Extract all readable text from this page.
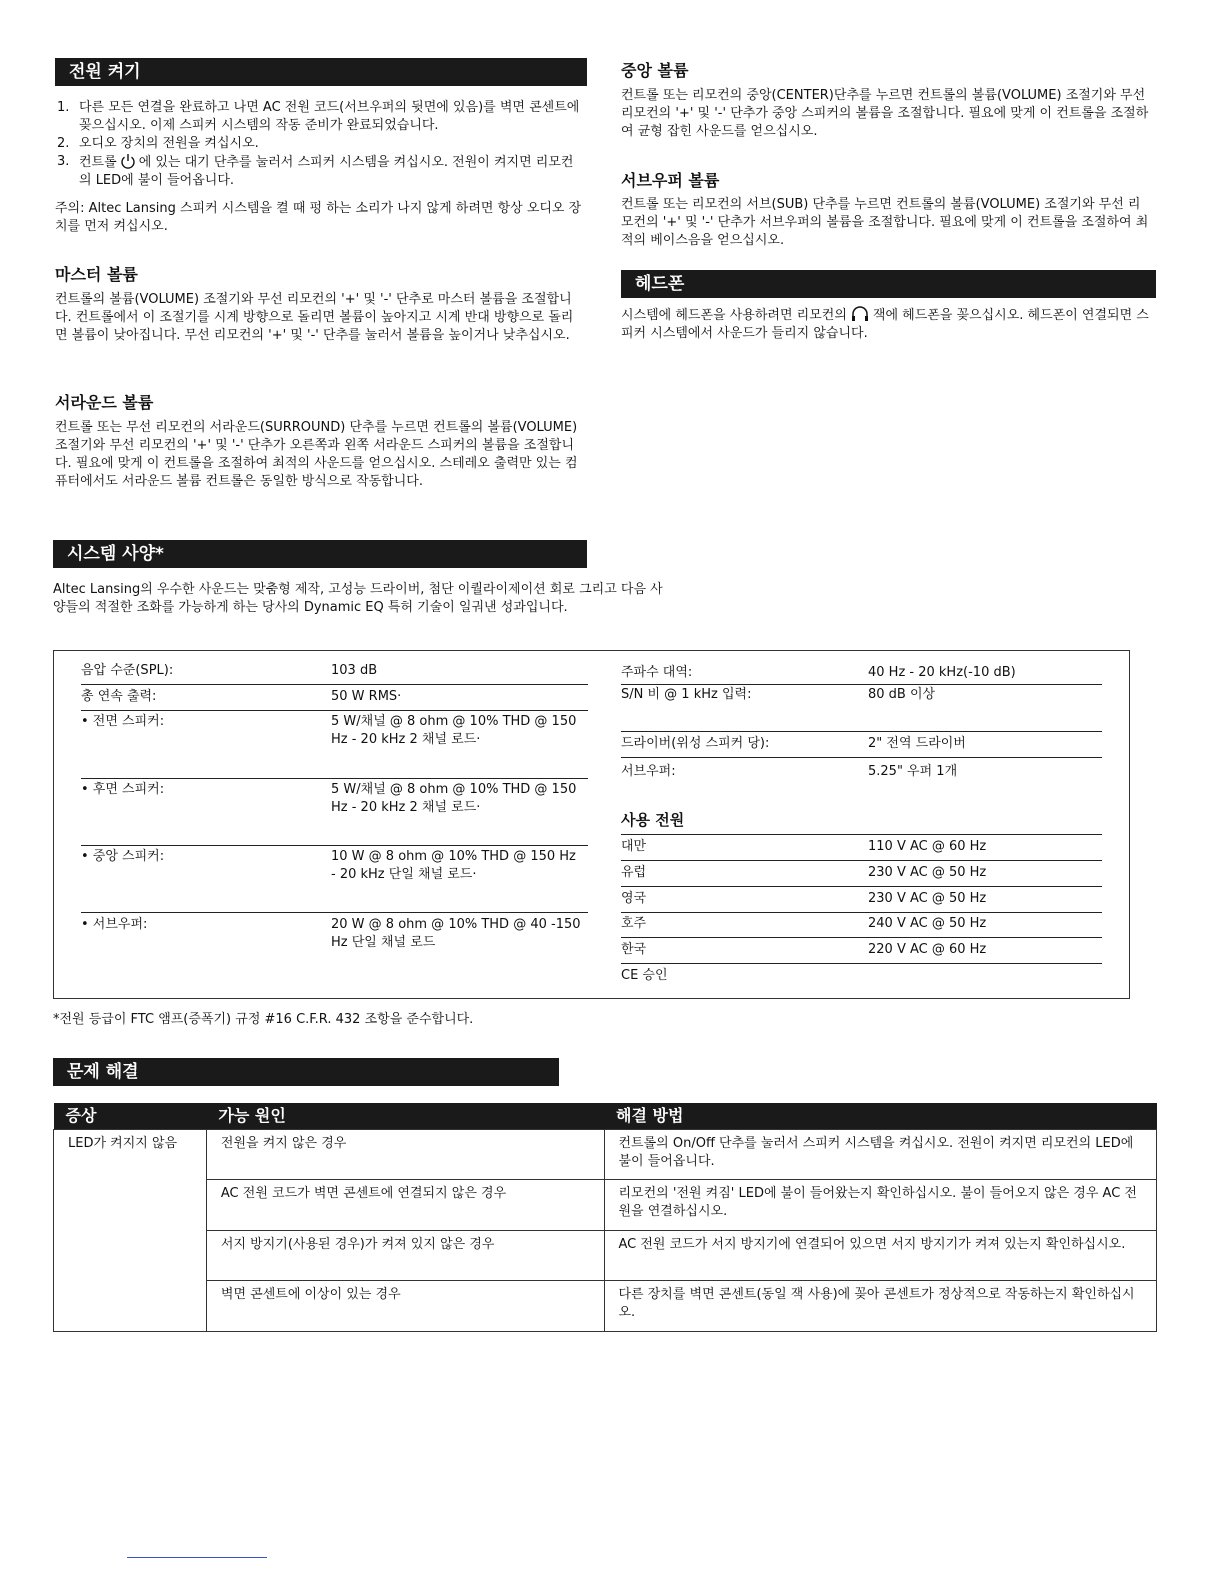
전원 켜기
1. 다른 모든 연결을 완료하고 나면 AC 전원 코드(서브우퍼의 뒷면에 있음)를 벽면 콘센트에 꽂으십시오. 이제 스피커 시스템의 작동 준비가 완료되었습니다.
2. 오디오 장치의 전원을 켜십시오.
3. 컨트롤 에 있는 대기 단추를 눌러서 스피커 시스템을 켜십시오. 전원이 켜지면 리모컨의 LED에 불이 들어옵니다.
주의: Altec Lansing 스피커 시스템을 켤 때 펑 하는 소리가 나지 않게 하려면 항상 오디오 장치를 먼저 켜십시오.
마스터 볼륨
컨트롤의 볼륨(VOLUME) 조절기와 무선 리모컨의 '+' 및 '-' 단추로 마스터 볼륨을 조절합니다. 컨트롤에서 이 조절기를 시계 방향으로 돌리면 볼륨이 높아지고 시계 반대 방향으로 돌리면 볼륨이 낮아집니다. 무선 리모컨의 '+' 및 '-' 단추를 눌러서 볼륨을 높이거나 낮추십시오.
서라운드 볼륨
컨트롤 또는 무선 리모컨의 서라운드(SURROUND) 단추를 누르면 컨트롤의 볼륨(VOLUME) 조절기와 무선 리모컨의 '+' 및 '-' 단추가 오른쪽과 왼쪽 서라운드 스피커의 볼륨을 조절합니다. 필요에 맞게 이 컨트롤을 조절하여 최적의 사운드를 얻으십시오. 스테레오 출력만 있는 컴퓨터에서도 서라운드 볼륨 컨트롤은 동일한 방식으로 작동합니다.
중앙 볼륨
컨트롤 또는 리모컨의 중앙(CENTER)단추를 누르면 컨트롤의 볼륨(VOLUME) 조절기와 무선 리모컨의 '+' 및 '-' 단추가 중앙 스피커의 볼륨을 조절합니다. 필요에 맞게 이 컨트롤을 조절하여 균형 잡힌 사운드를 얻으십시오.
서브우퍼 볼륨
컨트롤 또는 리모컨의 서브(SUB) 단추를 누르면 컨트롤의 볼륨(VOLUME) 조절기와 무선 리모컨의 '+' 및 '-' 단추가 서브우퍼의 볼륨을 조절합니다. 필요에 맞게 이 컨트롤을 조절하여 최적의 베이스음을 얻으십시오.
헤드폰
시스템에 헤드폰을 사용하려면 리모컨의 잭에 헤드폰을 꽂으십시오. 헤드폰이 연결되면 스피커 시스템에서 사운드가 들리지 않습니다.
시스템 사양*
Altec Lansing의 우수한 사운드는 맞춤형 제작, 고성능 드라이버, 첨단 이퀄라이제이션 회로 그리고 다음 사양들의 적절한 조화를 가능하게 하는 당사의 Dynamic EQ 특허 기술이 일궈낸 성과입니다.
음압 수준(SPL):	103 dB
총 연속 출력:	50 W RMS·
• 전면 스피커:	5 W/채널 @ 8 ohm @ 10% THD @ 150 Hz - 20 kHz 2 채널 로드·
• 후면 스피커:	5 W/채널 @ 8 ohm @ 10% THD @ 150 Hz - 20 kHz 2 채널 로드·
• 중앙 스피커:	10 W @ 8 ohm @ 10% THD @ 150 Hz - 20 kHz 단일 채널 로드·
• 서브우퍼:	20 W @ 8 ohm @ 10% THD @ 40 -150 Hz 단일 채널 로드
주파수 대역:	40 Hz - 20 kHz(-10 dB)
S/N 비 @ 1 kHz 입력:	80 dB 이상
드라이버(위성 스피커 당):	2" 전역 드라이버
서브우퍼:	5.25" 우퍼 1개
사용 전원
대만	110 V AC @ 60 Hz
유럽	230 V AC @ 50 Hz
영국	230 V AC @ 50 Hz
호주	240 V AC @ 50 Hz
한국	220 V AC @ 60 Hz
CE 승인
*전원 등급이 FTC 앰프(증폭기) 규정 #16 C.F.R. 432 조항을 준수합니다.
문제 해결
증상	가능 원인	해결 방법
LED가 켜지지 않음	전원을 켜지 않은 경우	컨트롤의 On/Off 단추를 눌러서 스피커 시스템을 켜십시오. 전원이 켜지면 리모컨의 LED에 불이 들어옵니다.
	AC 전원 코드가 벽면 콘센트에 연결되지 않은 경우	리모컨의 '전원 켜짐' LED에 불이 들어왔는지 확인하십시오. 불이 들어오지 않은 경우 AC 전원을 연결하십시오.
	서지 방지기(사용된 경우)가 켜져 있지 않은 경우	AC 전원 코드가 서지 방지기에 연결되어 있으면 서지 방지기가 켜져 있는지 확인하십시오.
	벽면 콘센트에 이상이 있는 경우	다른 장치를 벽면 콘센트(동일 잭 사용)에 꽂아 콘센트가 정상적으로 작동하는지 확인하십시오.
